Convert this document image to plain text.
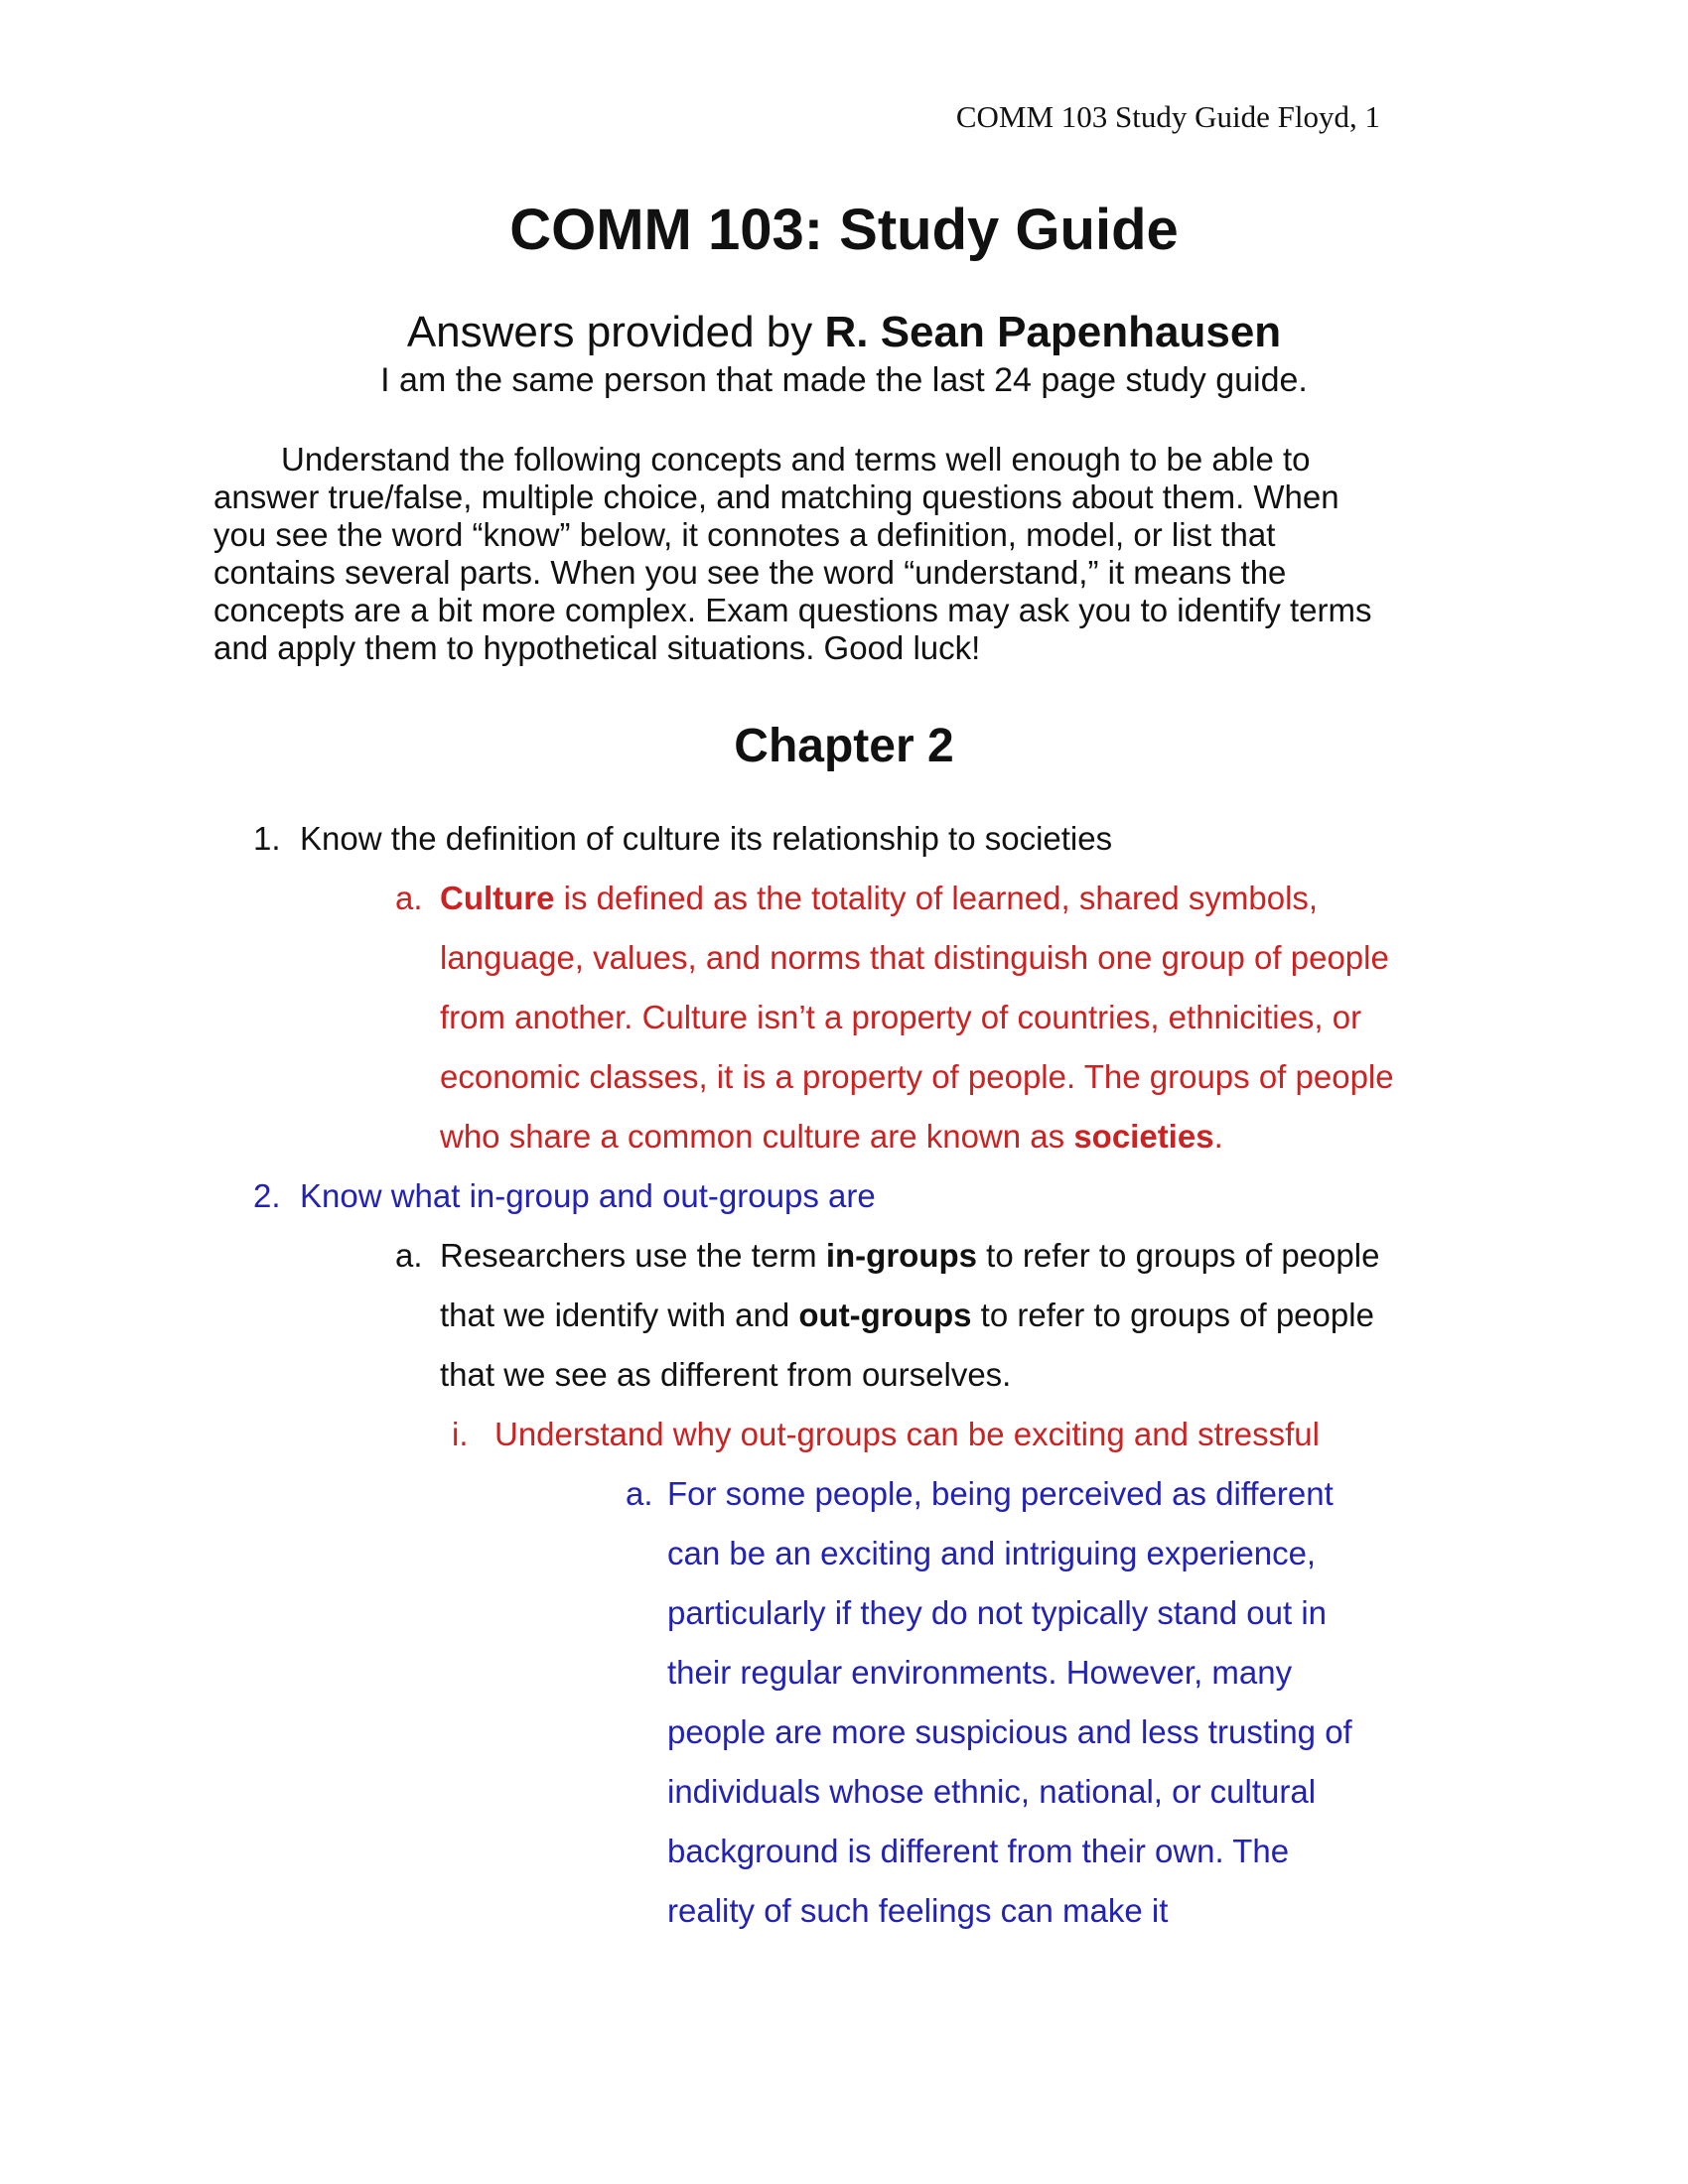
COMM 103 Study Guide Floyd, 1
COMM 103: Study Guide
Answers provided by R. Sean Papenhausen
I am the same person that made the last 24 page study guide.
Understand the following concepts and terms well enough to be able to
answer true/false, multiple choice, and matching questions about them. When
you see the word “know” below, it connotes a definition, model, or list that
contains several parts. When you see the word “understand,” it means the
concepts are a bit more complex. Exam questions may ask you to identify terms
and apply them to hypothetical situations. Good luck!
Chapter 2
1. Know the definition of culture its relationship to societies
a. Culture is defined as the totality of learned, shared symbols,
language, values, and norms that distinguish one group of people
from another. Culture isn’t a property of countries, ethnicities, or
economic classes, it is a property of people. The groups of people
who share a common culture are known as societies.
2. Know what in-group and out-groups are
a. Researchers use the term in-groups to refer to groups of people
that we identify with and out-groups to refer to groups of people
that we see as different from ourselves.
i. Understand why out-groups can be exciting and stressful
a. For some people, being perceived as different
can be an exciting and intriguing experience,
particularly if they do not typically stand out in
their regular environments. However, many
people are more suspicious and less trusting of
individuals whose ethnic, national, or cultural
background is different from their own. The
reality of such feelings can make it
